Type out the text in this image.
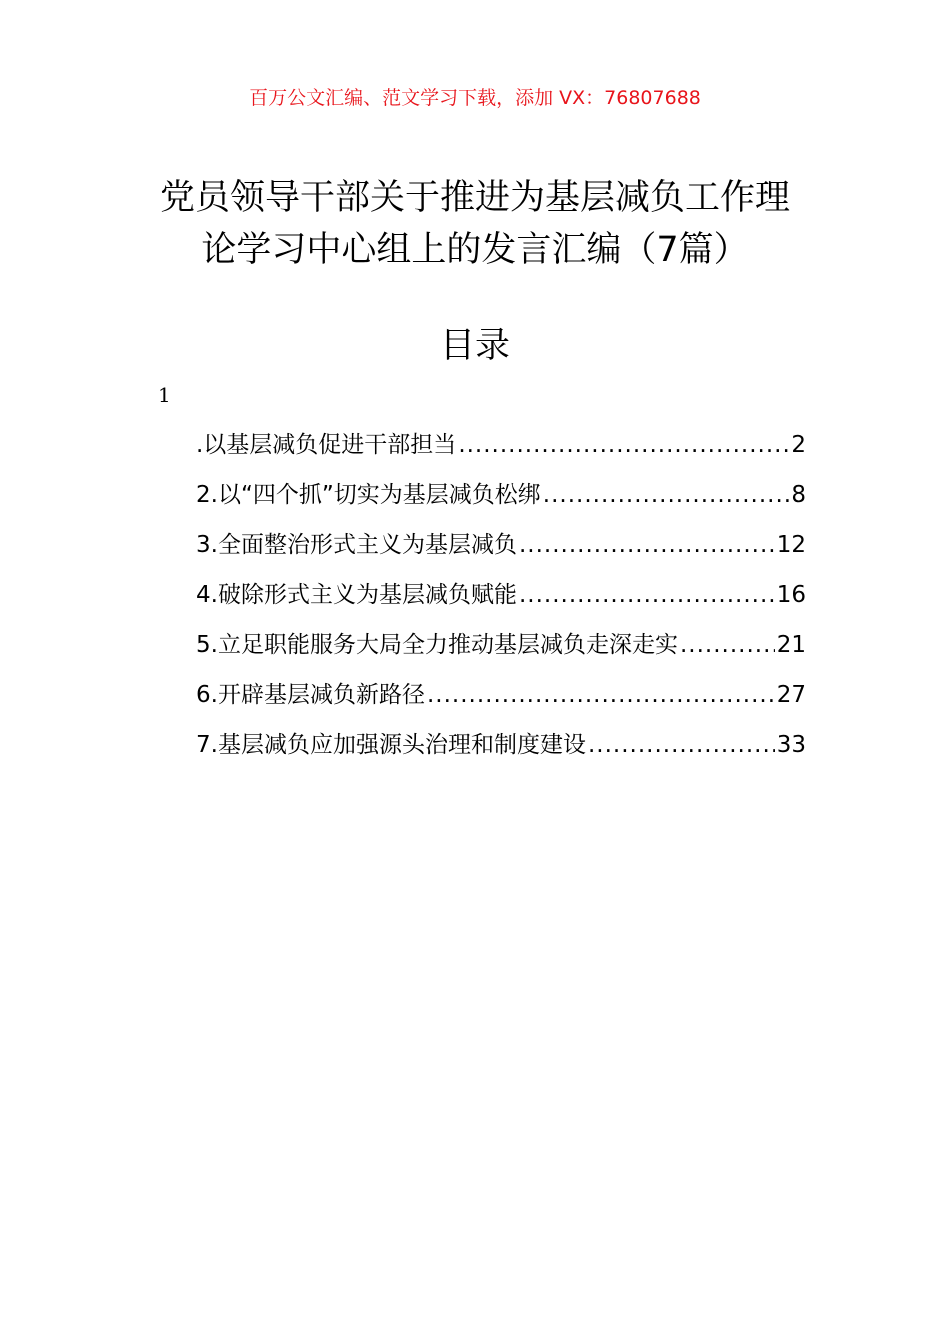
百万公文汇编、范文学习下载，添加 VX：76807688
党员领导干部关于推进为基层减负工作理
论学习中心组上的发言汇编（7篇）
目录
1
.以基层减负促进干部担当 .....	2
2.以“四个抓”切实为基层减负松绑 .....	8
3.全面整治形式主义为基层减负 .....	12
4.破除形式主义为基层减负赋能 .....	16
5.立足职能服务大局全力推动基层减负走深走实 .....	21
6.开辟基层减负新路径 .....	27
7.基层减负应加强源头治理和制度建设 .....	33
